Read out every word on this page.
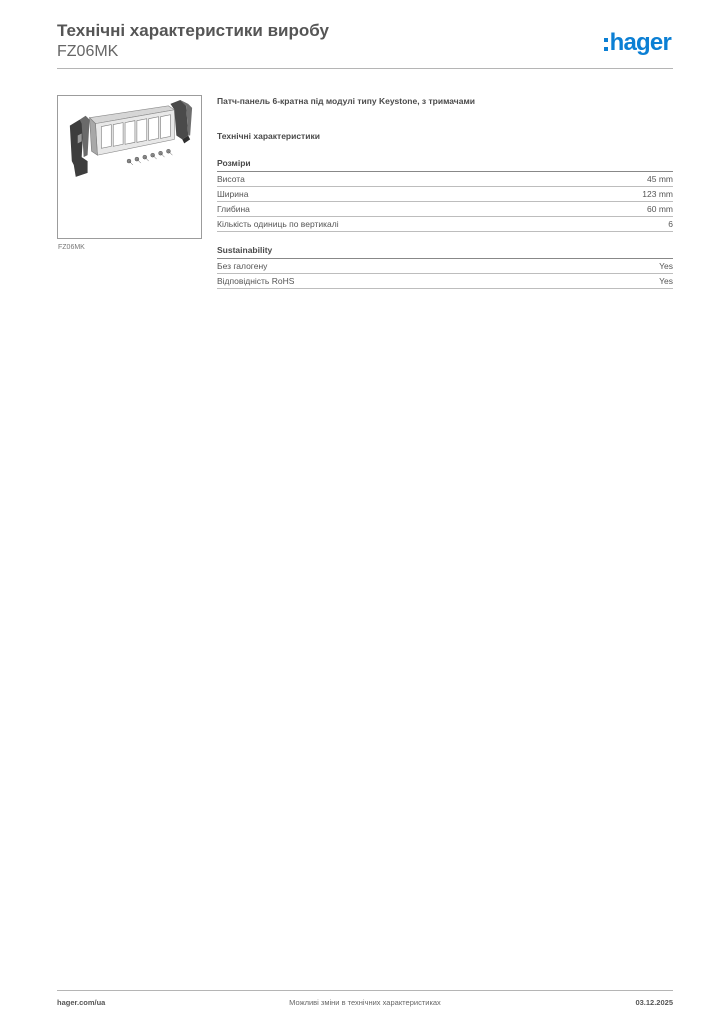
Технічні характеристики виробу
FZ06MK	hager
FZ06MK
Патч-панель 6-кратна під модулі типу Keystone, з тримачами
Технічні характеристики
Розміри
Висота	45 mm
Ширина	123 mm
Глибина	60 mm
Кількість одиниць по вертикалі	6
Sustainability
Без галогену	Yes
Відповідність RoHS	Yes
hager.com/ua	Можливі зміни в технічних характеристиках	03.12.2025
